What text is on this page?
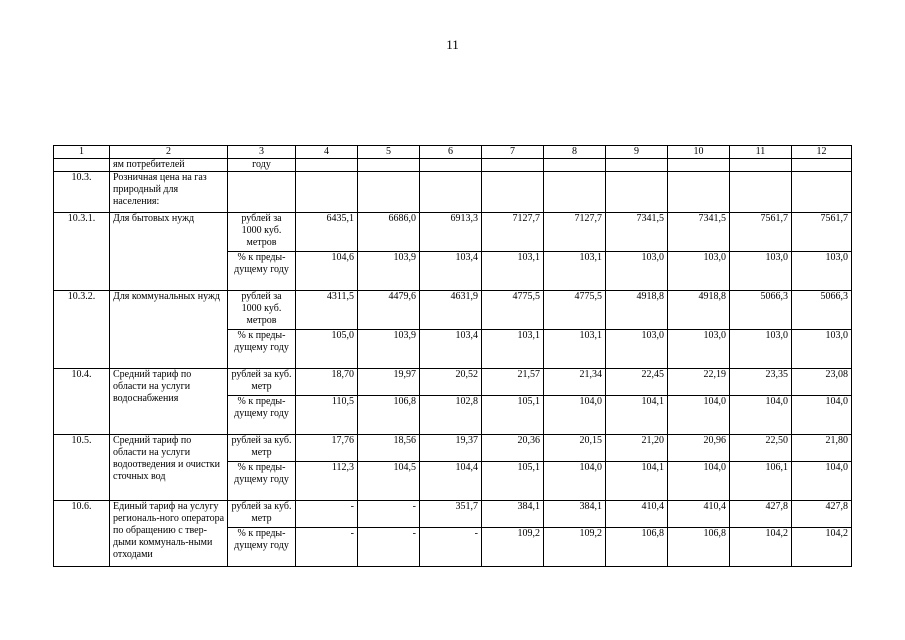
11
1	2	3	4	5	6	7	8	9	10	11	12
	ям потребителей	году									
10.3.	Розничная цена на газ природный для населения:										
10.3.1.	Для бытовых нужд	рублей за 1000 куб. метров	6435,1	6686,0	6913,3	7127,7	7127,7	7341,5	7341,5	7561,7	7561,7
		% к преды-дущему году	104,6	103,9	103,4	103,1	103,1	103,0	103,0	103,0	103,0
10.3.2.	Для коммунальных нужд	рублей за 1000 куб. метров	4311,5	4479,6	4631,9	4775,5	4775,5	4918,8	4918,8	5066,3	5066,3
		% к преды-дущему году	105,0	103,9	103,4	103,1	103,1	103,0	103,0	103,0	103,0
10.4.	Средний тариф по области на услуги водоснабжения	рублей за куб. метр	18,70	19,97	20,52	21,57	21,34	22,45	22,19	23,35	23,08
		% к преды-дущему году	110,5	106,8	102,8	105,1	104,0	104,1	104,0	104,0	104,0
10.5.	Средний тариф по области на услуги водоотведения и очистки сточных вод	рублей за куб. метр	17,76	18,56	19,37	20,36	20,15	21,20	20,96	22,50	21,80
		% к преды-дущему году	112,3	104,5	104,4	105,1	104,0	104,1	104,0	106,1	104,0
10.6.	Единый тариф на услугу региональ-ного оператора по обращению с твер-дыми коммуналь-ными отходами	рублей за куб. метр	-	-	351,7	384,1	384,1	410,4	410,4	427,8	427,8
		% к преды-дущему году	-	-	-	109,2	109,2	106,8	106,8	104,2	104,2
